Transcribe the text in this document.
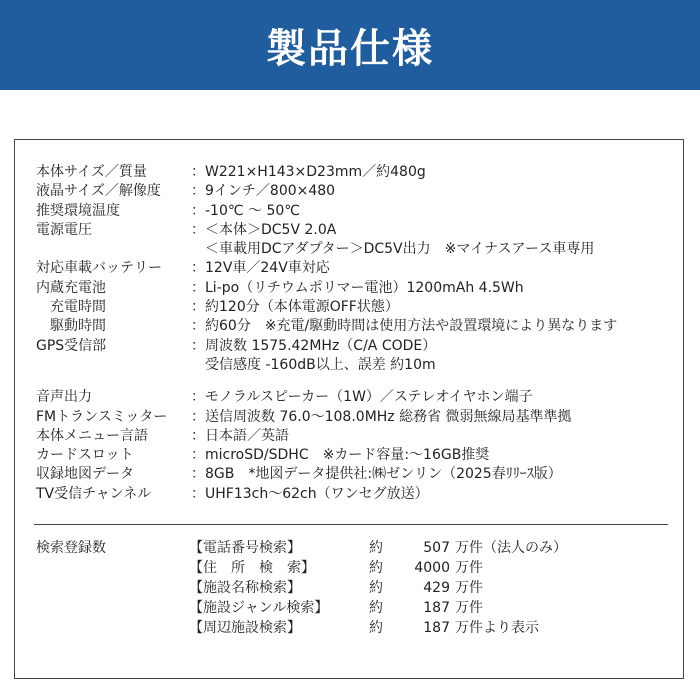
製品仕様
本体サイズ／質量	：W221×H143×D23mm／約480g
液晶サイズ／解像度 ：9インチ／800×480
推奨環境温度	：-10℃ ～ 50℃
電源電圧	：＜本体＞DC5V 2.0A
　＜車載用DCアダプター＞DC5V出力　※マイナスアース車専用
対応車載バッテリー ：12V車／24V車対応
内蔵充電池	：Li-po（リチウムポリマー電池）1200mAh 4.5Wh
充電時間	：約120分（本体電源OFF状態）
駆動時間	：約60分　※充電/駆動時間は使用方法や設置環境により異なります
GPS受信部	：周波数 1575.42MHz（C/A CODE）
　受信感度 -160dB以上、誤差 約10m
音声出力	：モノラルスピーカー（1W）／ステレオイヤホン端子
FMトランスミッター ：送信周波数 76.0～108.0MHz 総務省 微弱無線局基準準拠
本体メニュー言語	：日本語／英語
カードスロット	：microSD/SDHC　※カード容量:～16GB推奨
収録地図データ	：8GB　*地図データ提供社:㈱ゼンリン（2025春ﾘﾘｰｽ版）
TV受信チャンネル	：UHF13ch～62ch（ワンセグ放送）
検索登録数	【電話番号検索】	約	507 万件（法人のみ）
【住　所　検　索】	約	4000 万件
【施設名称検索】	約	429 万件
【施設ジャンル検索】	約	187 万件
【周辺施設検索】	約	187 万件より表示
